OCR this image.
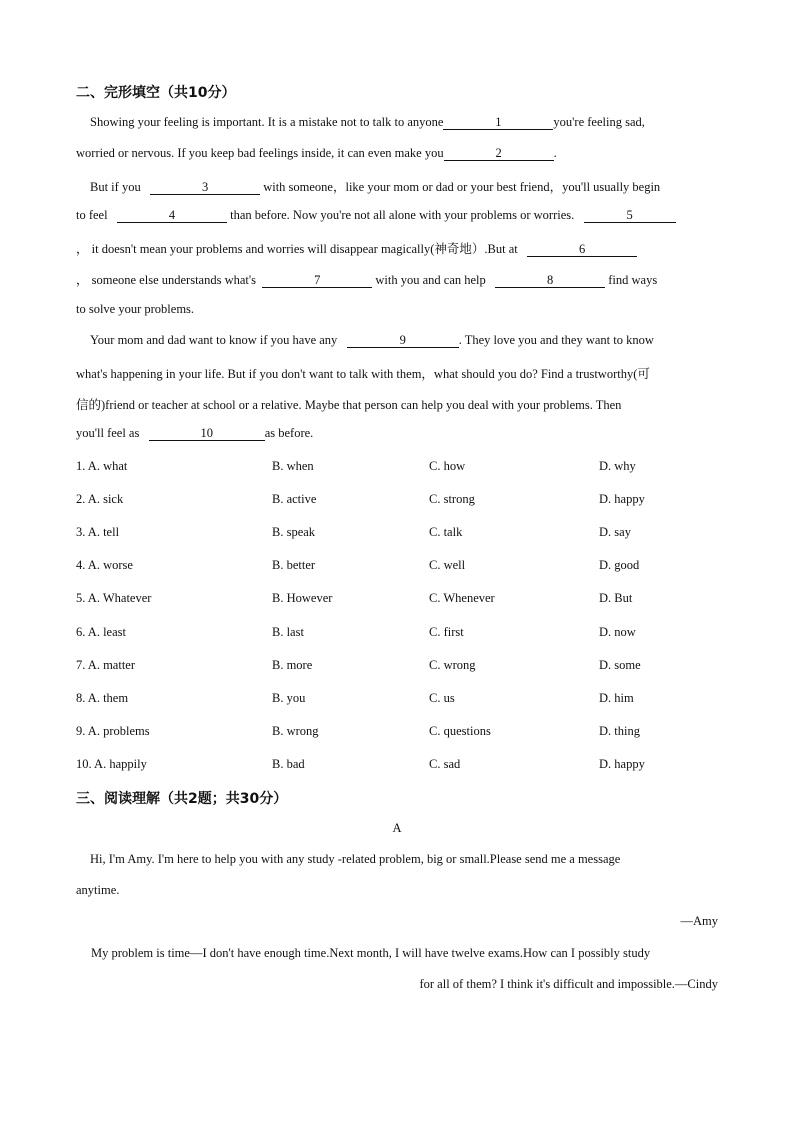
二、完形填空（共10分）
Showing your feeling is important. It is a mistake not to talk to anyone	1	you're feeling sad,
worried or nervous. If you keep bad feelings inside, it can even make you	2	.
But if you	3	with someone，like your mom or dad or your best friend，you'll usually begin
to feel	4	than before. Now you're not all alone with your problems or worries.	5
， it doesn't mean your problems and worries will disappear magically(神奇地）.But at	6
， someone else understands what's	7	with you and can help	8	find ways
to solve your problems.
Your mom and dad want to know if you have any	9	. They love you and they want to know
what's happening in your life. But if you don't want to talk with them，what should you do? Find a trustworthy(可
信的)friend or teacher at school or a relative. Maybe that person can help you deal with your problems. Then
you'll feel as	10	as before.
1. A. what	B. when	C. how	D. why
2. A. sick	B. active	C. strong	D. happy
3. A. tell	B. speak	C. talk	D. say
4. A. worse	B. better	C. well	D. good
5. A. Whatever	B. However	C. Whenever	D. But
6. A. least	B. last	C. first	D. now
7. A. matter	B. more	C. wrong	D. some
8. A. them	B. you	C. us	D. him
9. A. problems	B. wrong	C. questions	D. thing
10. A. happily	B. bad	C. sad	D. happy
三、阅读理解（共2题；共30分）
A
Hi, I'm Amy. I'm here to help you with any study -related problem, big or small.Please send me a message
anytime.
—Amy
My problem is time—I don't have enough time.Next month, I will have twelve exams.How can I possibly study
for all of them? I think it's difficult and impossible.—Cindy
